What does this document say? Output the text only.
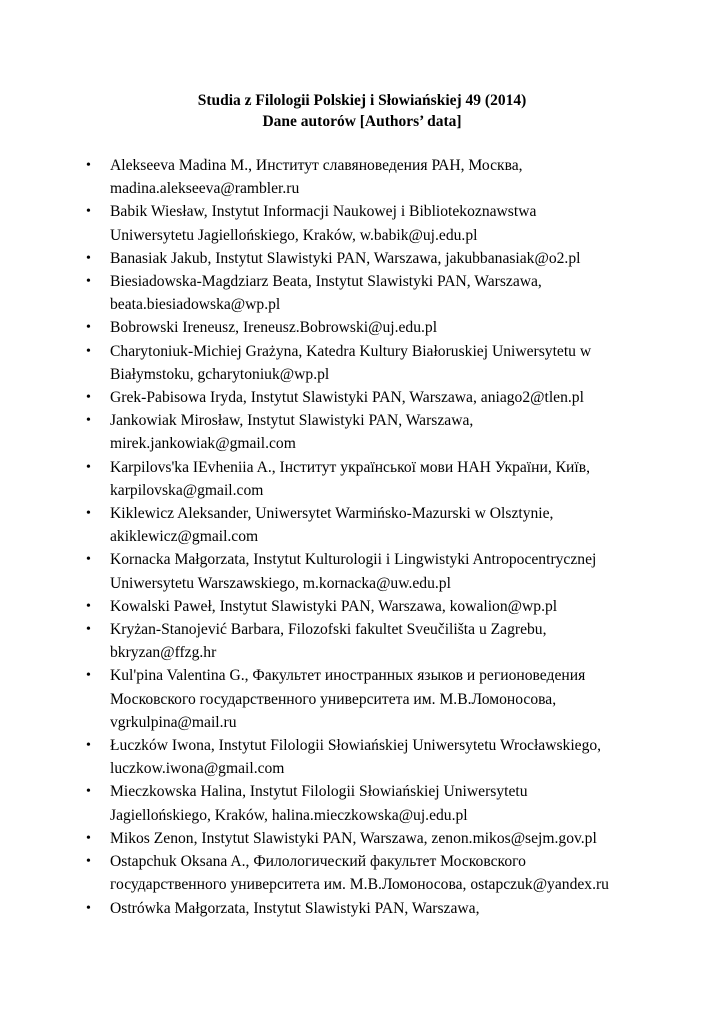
Studia z Filologii Polskiej i Słowiańskiej 49 (2014)
Dane autorów [Authors’ data]
• Alekseeva Madina M., Институт славяноведения РАН, Москва,
madina.alekseeva@rambler.ru
• Babik Wiesław, Instytut Informacji Naukowej i Bibliotekoznawstwa
Uniwersytetu Jagiellońskiego, Kraków, w.babik@uj.edu.pl
• Banasiak Jakub, Instytut Slawistyki PAN, Warszawa, jakubbanasiak@o2.pl
• Biesiadowska-Magdziarz Beata, Instytut Slawistyki PAN, Warszawa,
beata.biesiadowska@wp.pl
• Bobrowski Ireneusz, Ireneusz.Bobrowski@uj.edu.pl
• Charytoniuk-Michiej Grażyna, Katedra Kultury Białoruskiej Uniwersytetu w
Białymstoku, gcharytoniuk@wp.pl
• Grek-Pabisowa Iryda, Instytut Slawistyki PAN, Warszawa, aniago2@tlen.pl
• Jankowiak Mirosław, Instytut Slawistyki PAN, Warszawa,
mirek.jankowiak@gmail.com
• Karpilovs'ka IEvheniia A., Інститут української мови НАН України, Київ,
karpilovska@gmail.com
• Kiklewicz Aleksander, Uniwersytet Warmińsko-Mazurski w Olsztynie,
akiklewicz@gmail.com
• Kornacka Małgorzata, Instytut Kulturologii i Lingwistyki Antropocentrycznej
Uniwersytetu Warszawskiego, m.kornacka@uw.edu.pl
• Kowalski Paweł, Instytut Slawistyki PAN, Warszawa, kowalion@wp.pl
• Kryżan-Stanojević Barbara, Filozofski fakultet Sveučilišta u Zagrebu,
bkryzan@ffzg.hr
• Kul'pina Valentina G., Факультет иностранных языков и регионоведения
Московского государственного университета им. М.В.Ломоносова,
vgrkulpina@mail.ru
• Łuczków Iwona, Instytut Filologii Słowiańskiej Uniwersytetu Wrocławskiego,
luczkow.iwona@gmail.com
• Mieczkowska Halina, Instytut Filologii Słowiańskiej Uniwersytetu
Jagiellońskiego, Kraków, halina.mieczkowska@uj.edu.pl
• Mikos Zenon, Instytut Slawistyki PAN, Warszawa, zenon.mikos@sejm.gov.pl
• Ostapchuk Oksana A., Филологический факультет Московского
государственного университета им. М.В.Ломоносова, ostapczuk@yandex.ru
• Ostrówka Małgorzata, Instytut Slawistyki PAN, Warszawa,
